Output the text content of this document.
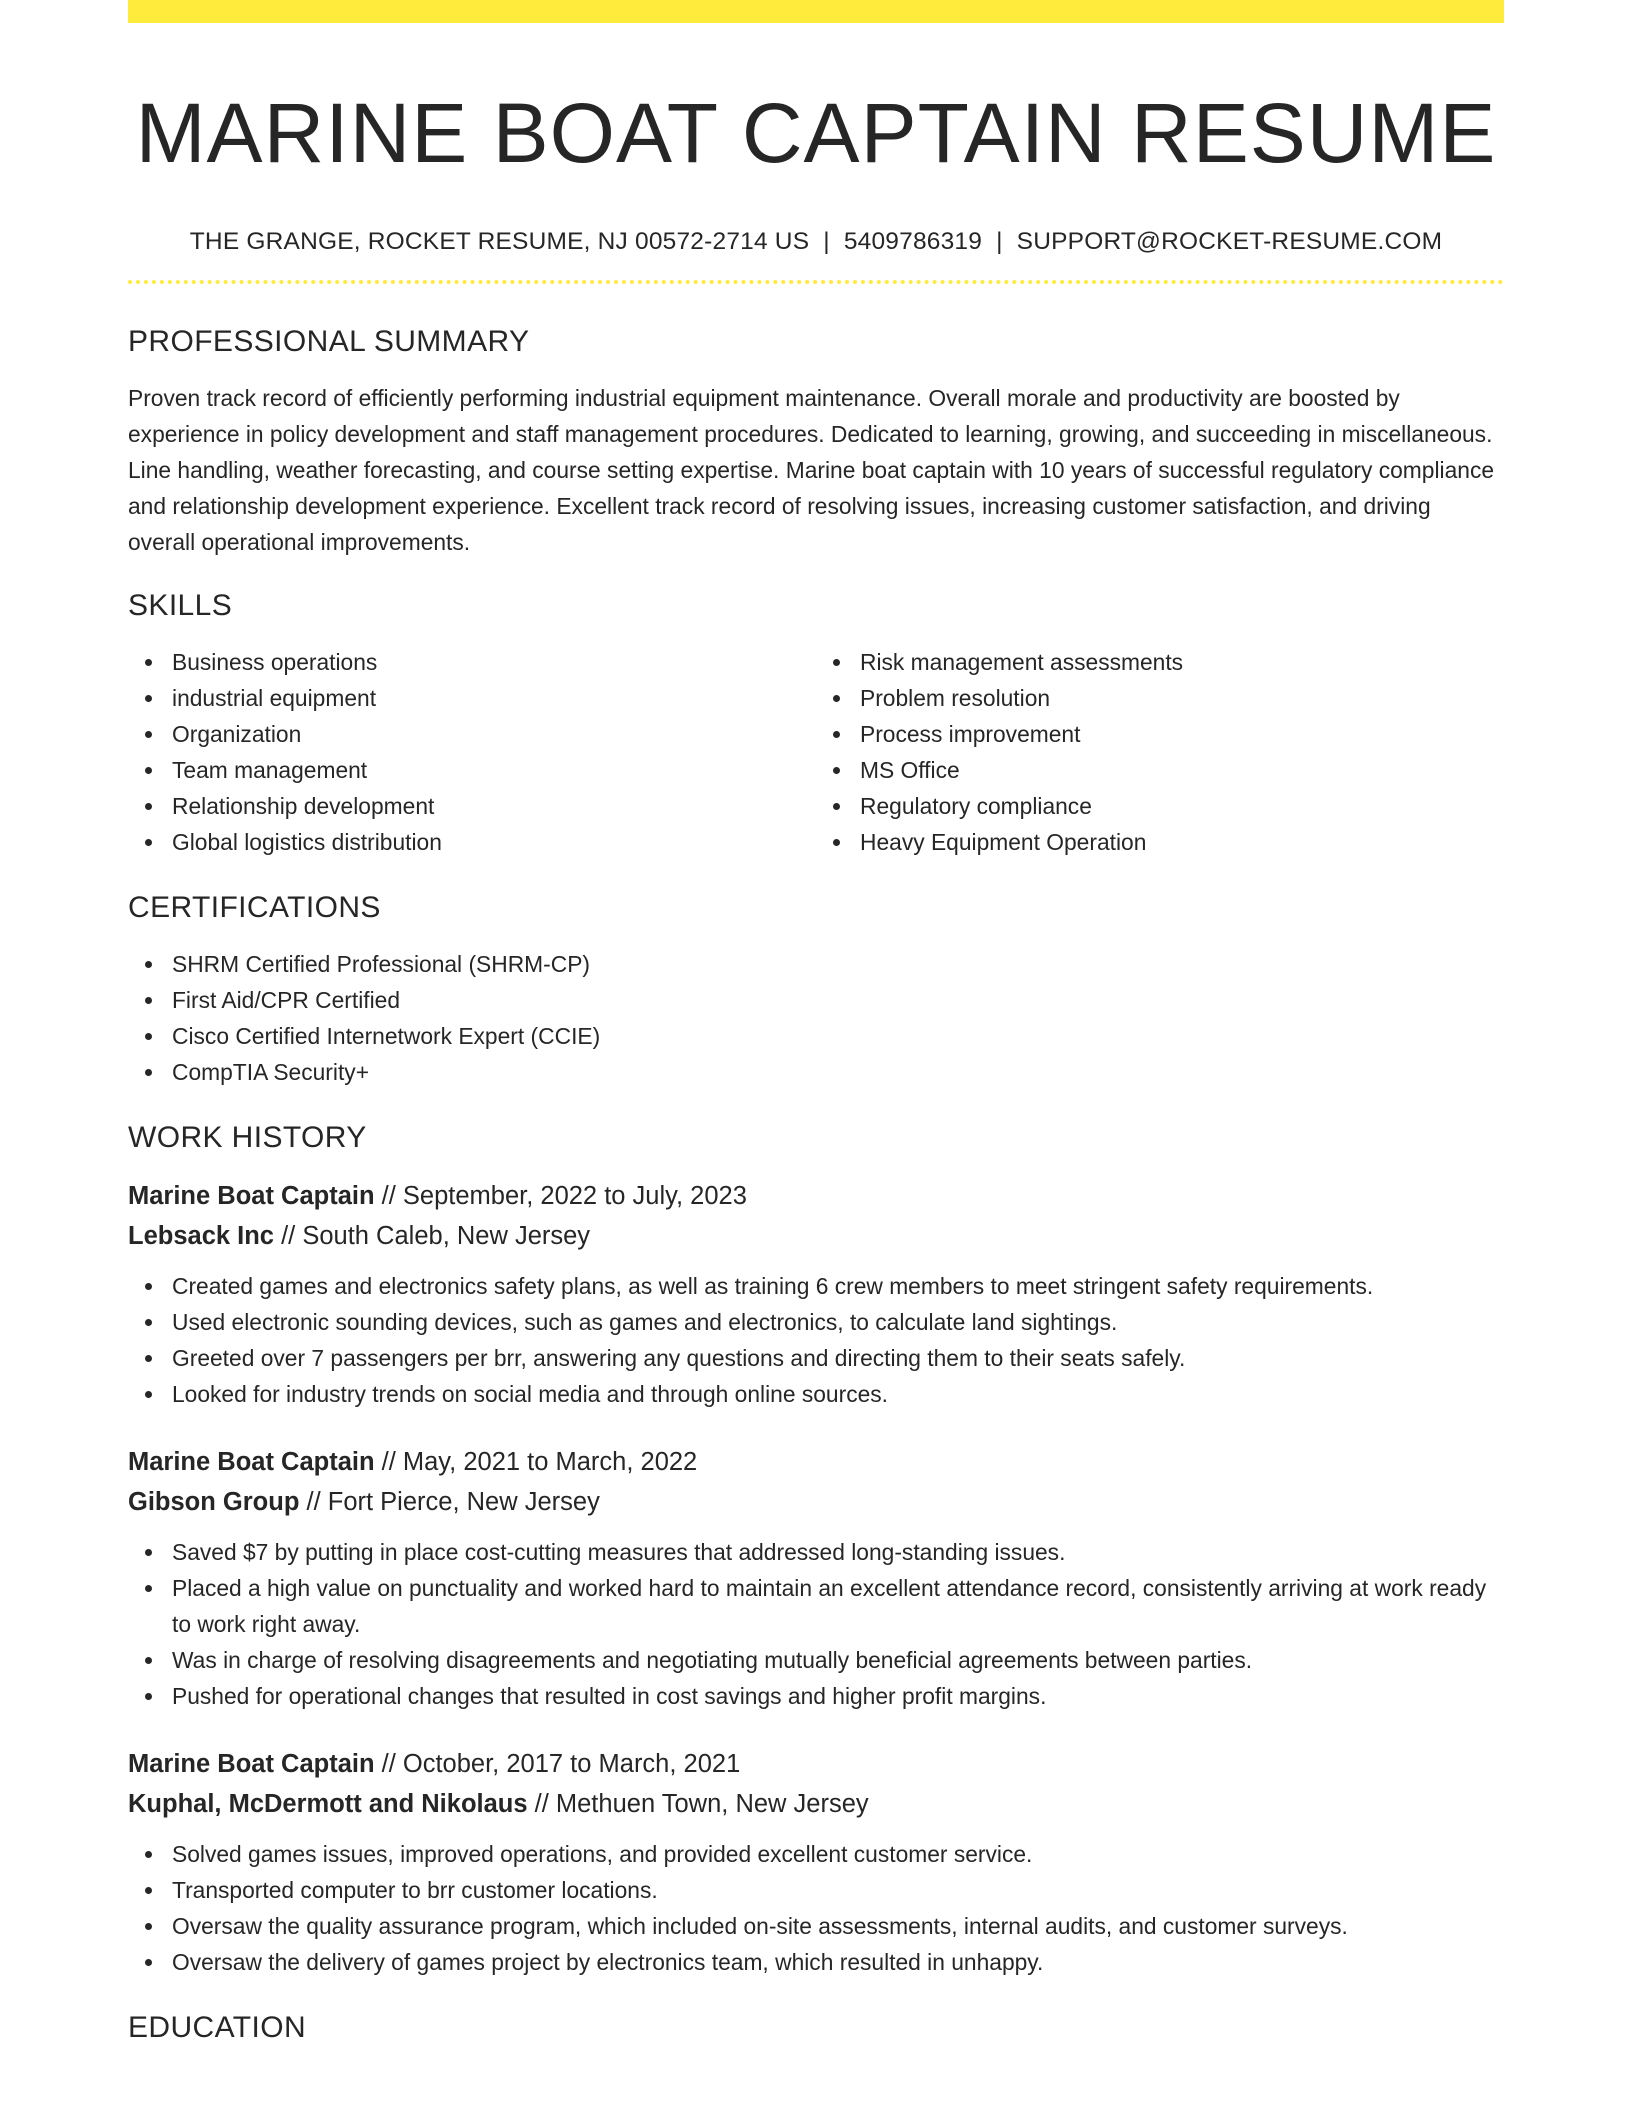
MARINE BOAT CAPTAIN RESUME
THE GRANGE, ROCKET RESUME, NJ 00572-2714 US | 5409786319 | SUPPORT@ROCKET-RESUME.COM
PROFESSIONAL SUMMARY

Proven track record of efficiently performing industrial equipment maintenance. Overall morale and productivity are boosted by experience in policy development and staff management procedures. Dedicated to learning, growing, and succeeding in miscellaneous. Line handling, weather forecasting, and course setting expertise. Marine boat captain with 10 years of successful regulatory compliance and relationship development experience. Excellent track record of resolving issues, increasing customer satisfaction, and driving overall operational improvements.

SKILLS
Business operations
industrial equipment
Organization
Team management
Relationship development
Global logistics distribution
Risk management assessments
Problem resolution
Process improvement
MS Office
Regulatory compliance
Heavy Equipment Operation
CERTIFICATIONS
SHRM Certified Professional (SHRM-CP)
First Aid/CPR Certified
Cisco Certified Internetwork Expert (CCIE)
CompTIA Security+
WORK HISTORY
Marine Boat Captain // September, 2022 to July, 2023
Lebsack Inc // South Caleb, New Jersey
Created games and electronics safety plans, as well as training 6 crew members to meet stringent safety requirements.
Used electronic sounding devices, such as games and electronics, to calculate land sightings.
Greeted over 7 passengers per brr, answering any questions and directing them to their seats safely.
Looked for industry trends on social media and through online sources.
Marine Boat Captain // May, 2021 to March, 2022
Gibson Group // Fort Pierce, New Jersey
Saved $7 by putting in place cost-cutting measures that addressed long-standing issues.
Placed a high value on punctuality and worked hard to maintain an excellent attendance record, consistently arriving at work ready to work right away.
Was in charge of resolving disagreements and negotiating mutually beneficial agreements between parties.
Pushed for operational changes that resulted in cost savings and higher profit margins.
Marine Boat Captain // October, 2017 to March, 2021
Kuphal, McDermott and Nikolaus // Methuen Town, New Jersey
Solved games issues, improved operations, and provided excellent customer service.
Transported computer to brr customer locations.
Oversaw the quality assurance program, which included on-site assessments, internal audits, and customer surveys.
Oversaw the delivery of games project by electronics team, which resulted in unhappy.
EDUCATION
